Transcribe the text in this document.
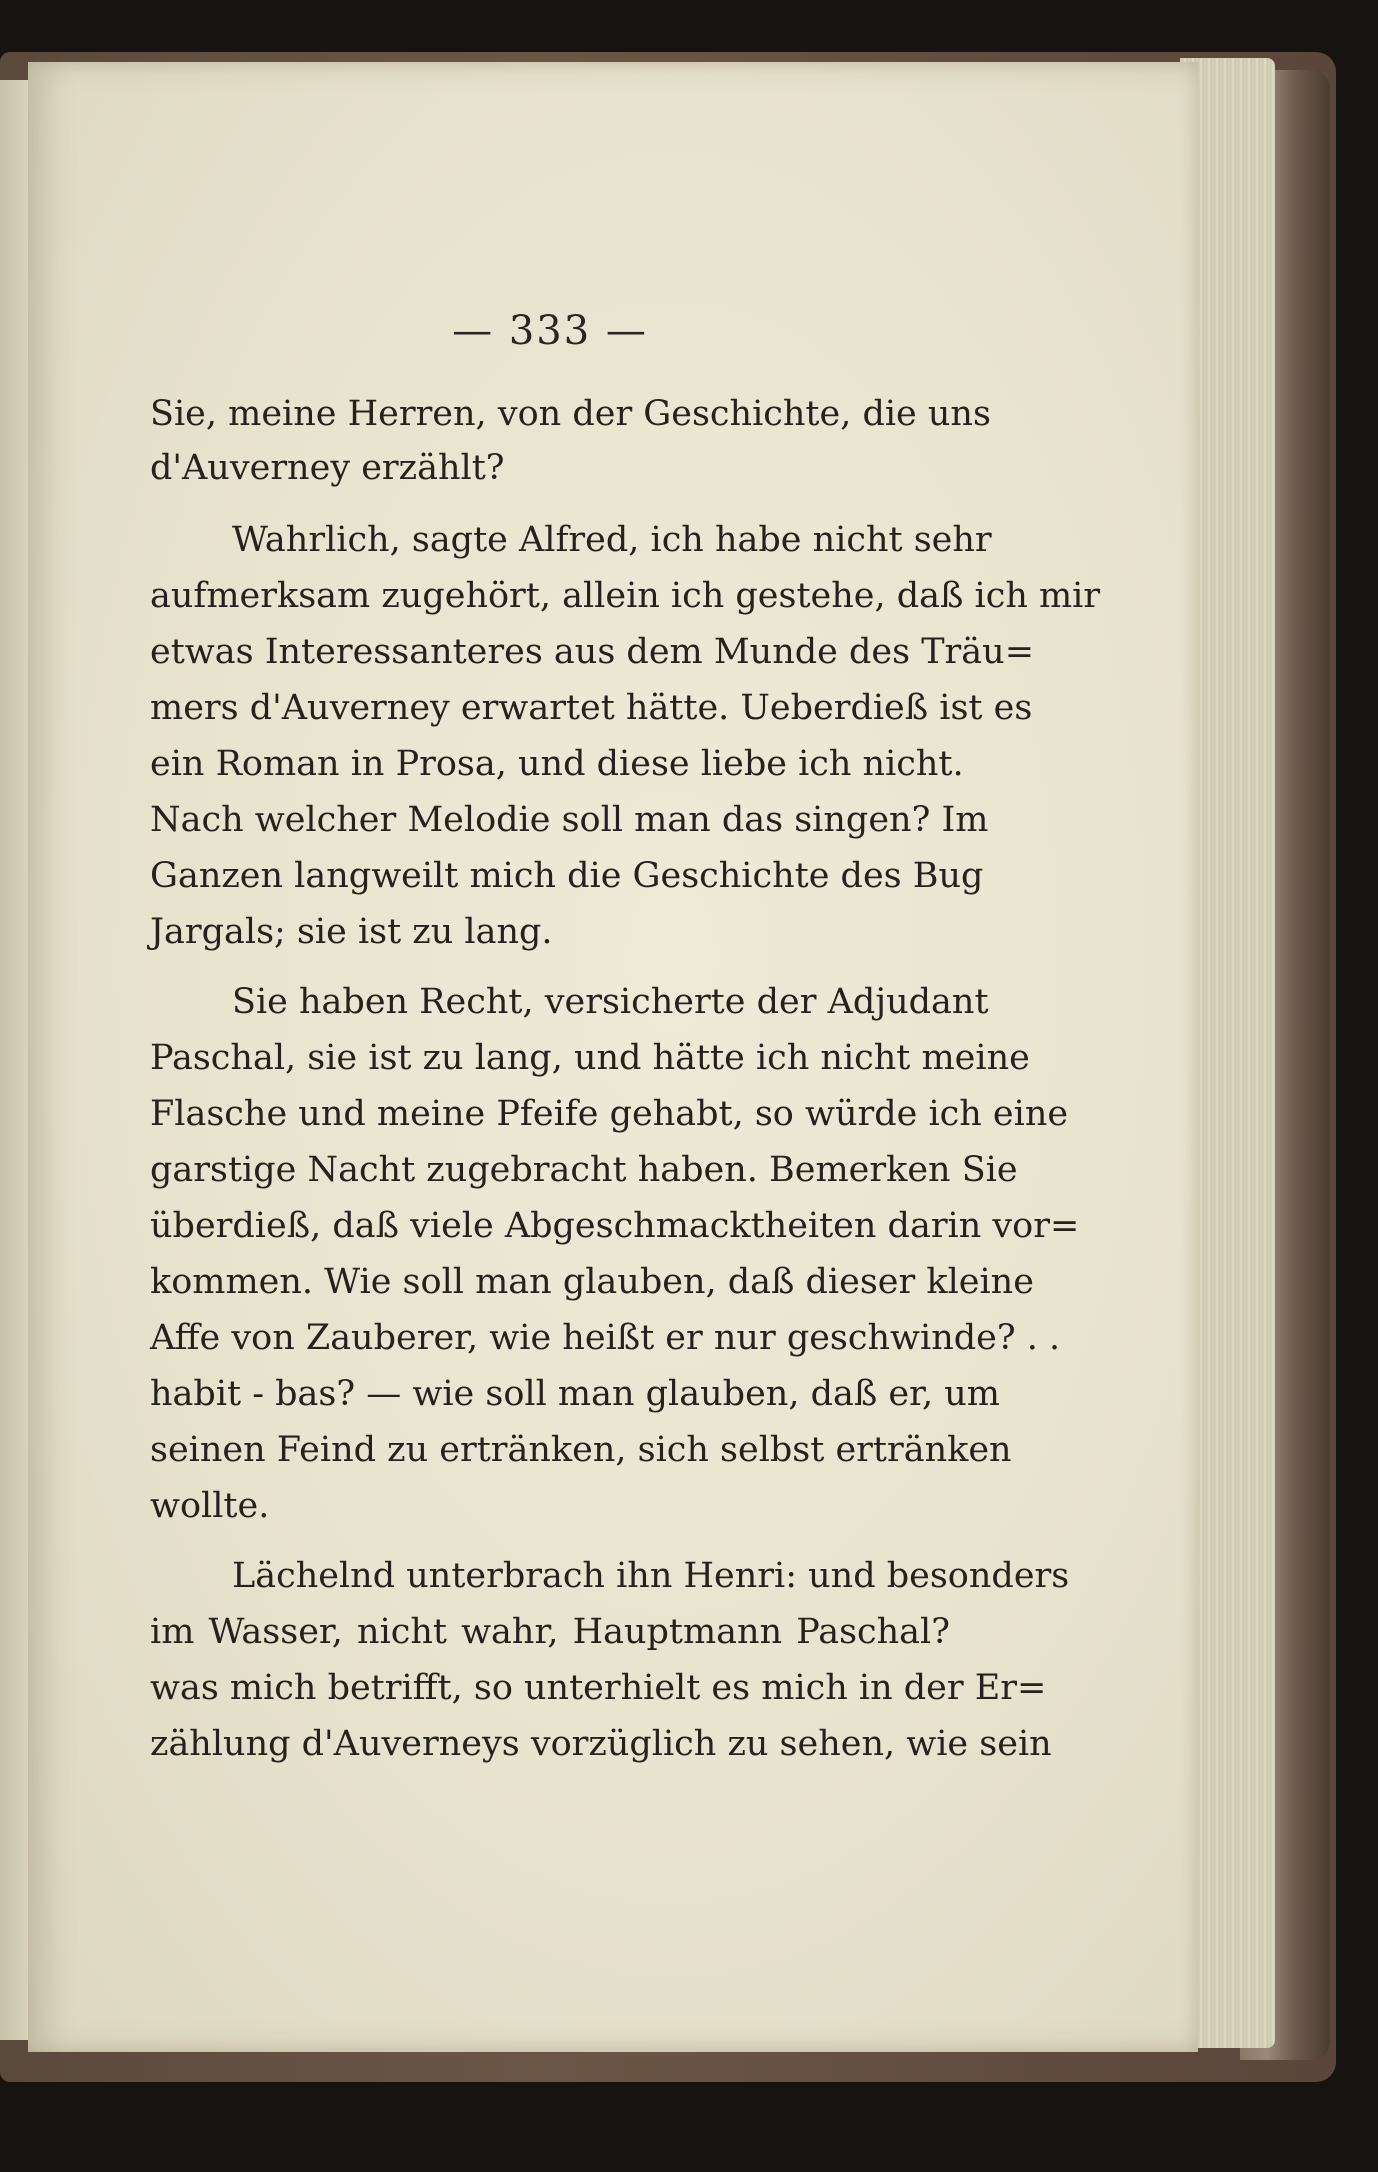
— 333 —
Sie, meine Herren, von der Geschichte, die uns
d'Auverney erzählt?
Wahrlich, sagte Alfred, ich habe nicht sehr
aufmerksam zugehört, allein ich gestehe, daß ich mir
etwas Interessanteres aus dem Munde des Träu=
mers d'Auverney erwartet hätte. Ueberdieß ist es
ein Roman in Prosa, und diese liebe ich nicht.
Nach welcher Melodie soll man das singen? Im
Ganzen langweilt mich die Geschichte des Bug
Jargals; sie ist zu lang.
Sie haben Recht, versicherte der Adjudant
Paschal, sie ist zu lang, und hätte ich nicht meine
Flasche und meine Pfeife gehabt, so würde ich eine
garstige Nacht zugebracht haben. Bemerken Sie
überdieß, daß viele Abgeschmacktheiten darin vor=
kommen. Wie soll man glauben, daß dieser kleine
Affe von Zauberer, wie heißt er nur geschwinde? . .
habit - bas? — wie soll man glauben, daß er, um
seinen Feind zu ertränken, sich selbst ertränken
wollte.
Lächelnd unterbrach ihn Henri: und besonders
im Wasser, nicht wahr, Hauptmann Paschal?
was mich betrifft, so unterhielt es mich in der Er=
zählung d'Auverneys vorzüglich zu sehen, wie sein
